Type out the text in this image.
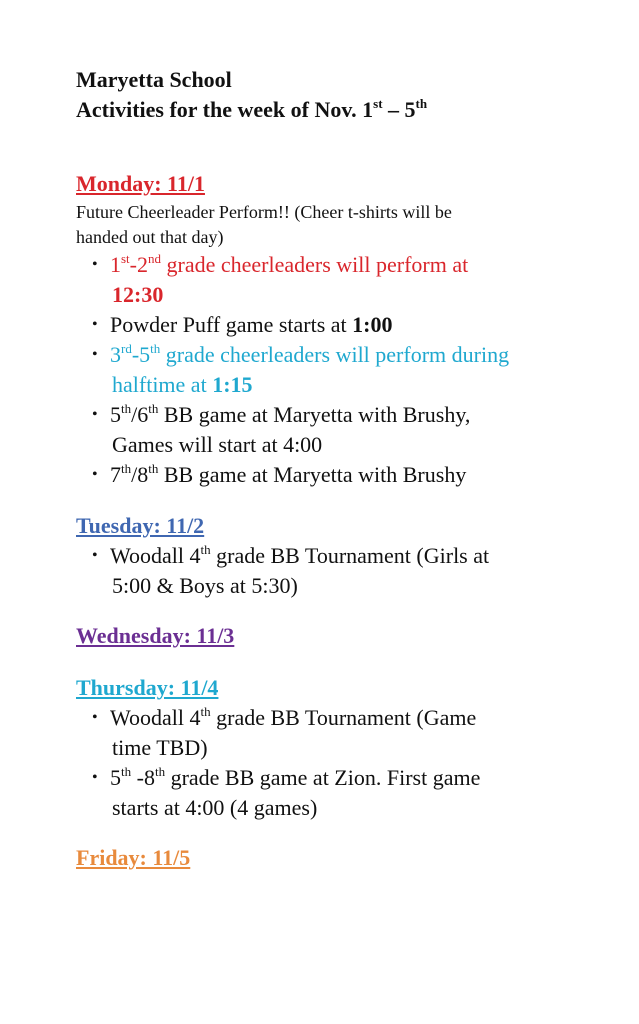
Maryetta School
Activities for the week of Nov. 1st – 5th
Monday: 11/1
Future Cheerleader Perform!! (Cheer t-shirts will be
handed out that day)
• 1st-2nd grade cheerleaders will perform at
12:30
• Powder Puff game starts at 1:00
• 3rd-5th grade cheerleaders will perform during
halftime at 1:15
• 5th/6th BB game at Maryetta with Brushy,
Games will start at 4:00
• 7th/8th BB game at Maryetta with Brushy
Tuesday: 11/2
• Woodall 4th grade BB Tournament (Girls at
5:00 & Boys at 5:30)
Wednesday: 11/3
Thursday: 11/4
• Woodall 4th grade BB Tournament (Game
time TBD)
• 5th -8th grade BB game at Zion. First game
starts at 4:00 (4 games)
Friday: 11/5
